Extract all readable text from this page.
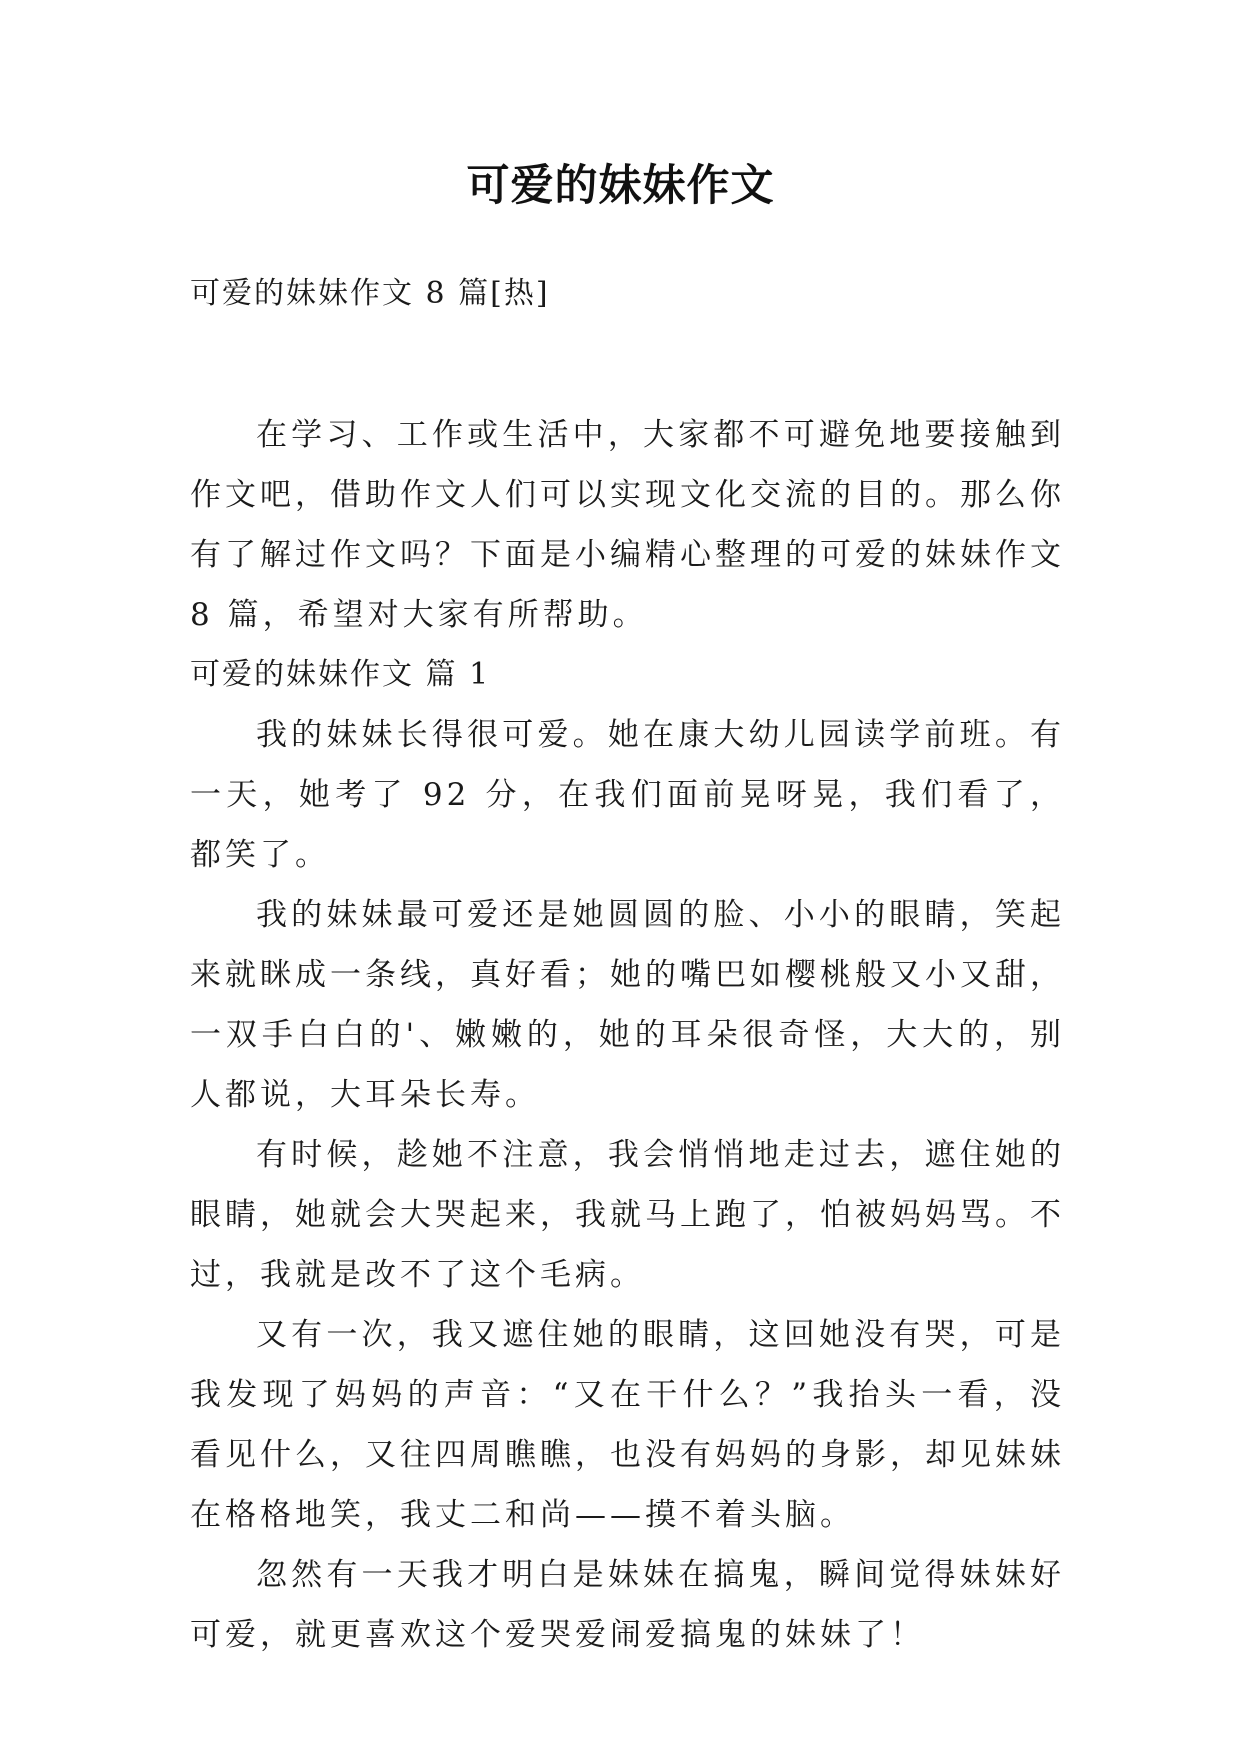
可爱的妹妹作文
可爱的妹妹作文 8 篇[热]

在学习、工作或生活中，大家都不可避免地要接触到作文吧，借助作文人们可以实现文化交流的目的。那么你有了解过作文吗？下面是小编精心整理的可爱的妹妹作文 8 篇，希望对大家有所帮助。

可爱的妹妹作文 篇 1

我的妹妹长得很可爱。她在康大幼儿园读学前班。有一天，她考了 92 分，在我们面前晃呀晃，我们看了，都笑了。

我的妹妹最可爱还是她圆圆的脸、小小的眼睛，笑起来就眯成一条线，真好看；她的嘴巴如樱桃般又小又甜，一双手白白的'、嫩嫩的，她的耳朵很奇怪，大大的，别人都说，大耳朵长寿。

有时候，趁她不注意，我会悄悄地走过去，遮住她的眼睛，她就会大哭起来，我就马上跑了，怕被妈妈骂。不过，我就是改不了这个毛病。

又有一次，我又遮住她的眼睛，这回她没有哭，可是我发现了妈妈的声音：“又在干什么？”我抬头一看，没看见什么，又往四周瞧瞧，也没有妈妈的身影，却见妹妹在格格地笑，我丈二和尚——摸不着头脑。

忽然有一天我才明白是妹妹在搞鬼，瞬间觉得妹妹好可爱，就更喜欢这个爱哭爱闹爱搞鬼的妹妹了！
